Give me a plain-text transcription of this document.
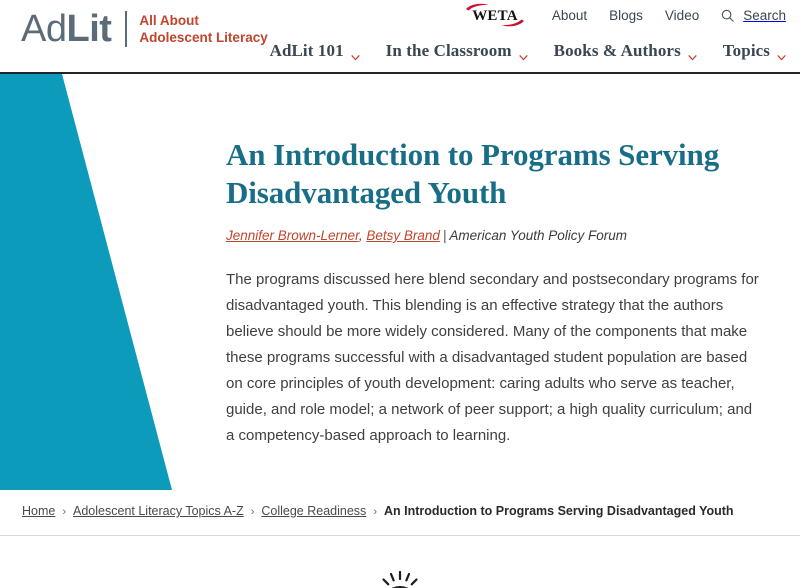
AdLit All About
Adolescent Literacy
WETA	About Blogs Video	Search
AdLit 101 In the Classroom Books & Authors Topics
An Introduction to Programs Serving Disadvantaged Youth

Jennifer Brown-Lerner, Betsy Brand | American Youth Policy Forum

The programs discussed here blend secondary and postsecondary programs for disadvantaged youth. This blending is an effective strategy that the authors believe should be more widely considered. Many of the components that make these programs successful with a disadvantaged student population are based on core principles of youth development: caring adults who serve as teacher, guide, and role model; a network of peer support; a high quality curriculum; and a competency-based approach to learning.

Home › Adolescent Literacy Topics A-Z › College Readiness › An Introduction to Programs Serving Disadvantaged Youth
